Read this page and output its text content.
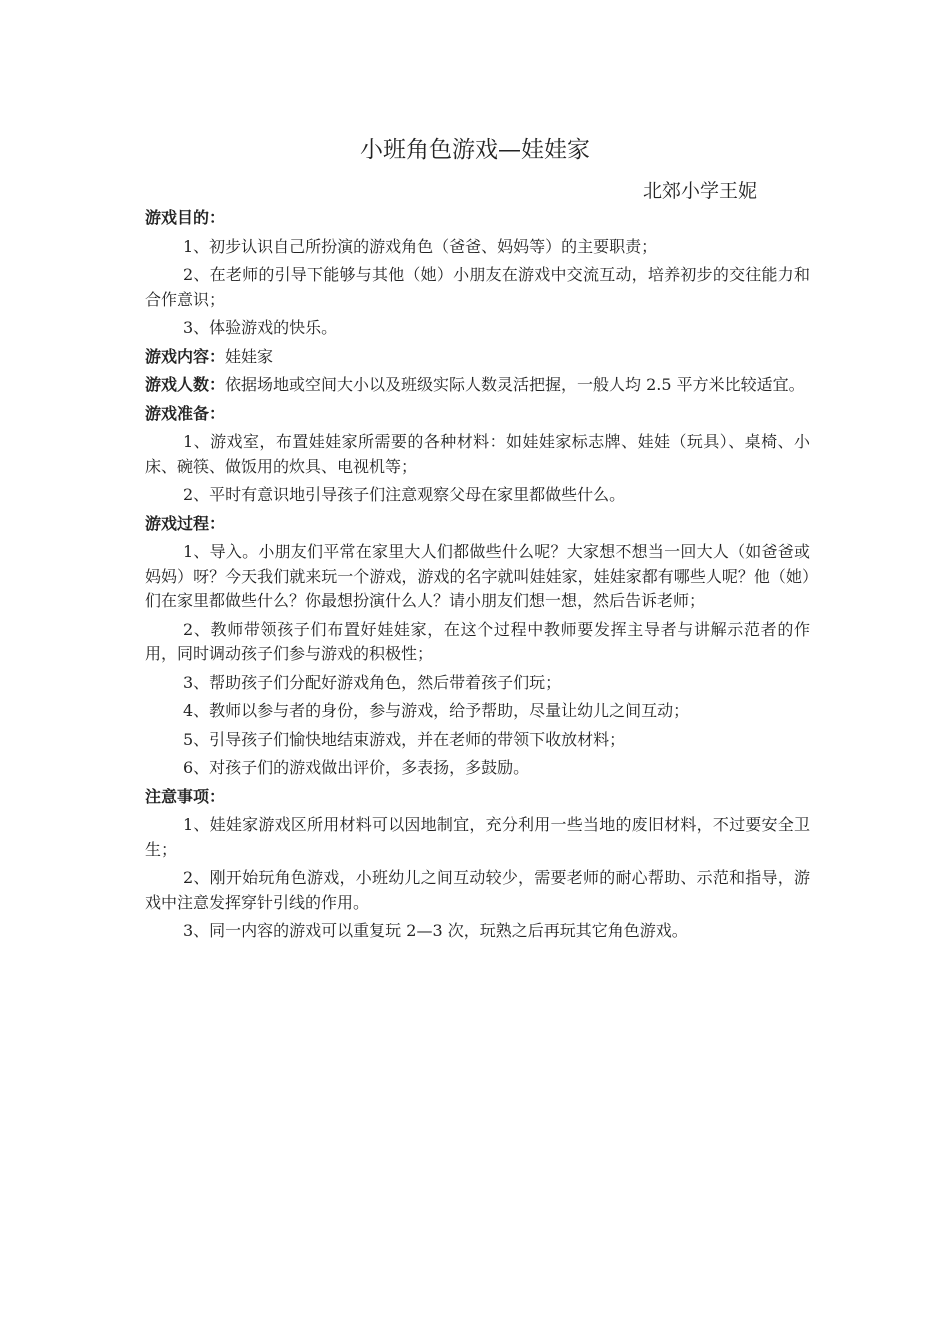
小班角色游戏—娃娃家
北郊小学王妮
游戏目的：

1、初步认识自己所扮演的游戏角色（爸爸、妈妈等）的主要职责；

2、在老师的引导下能够与其他（她）小朋友在游戏中交流互动，培养初步的交往能力和合作意识；

3、体验游戏的快乐。

游戏内容：娃娃家
游戏人数：依据场地或空间大小以及班级实际人数灵活把握，一般人均 2.5 平方米比较适宜。
游戏准备：

1、游戏室，布置娃娃家所需要的各种材料：如娃娃家标志牌、娃娃（玩具）、桌椅、小床、碗筷、做饭用的炊具、电视机等；

2、平时有意识地引导孩子们注意观察父母在家里都做些什么。

游戏过程：

1、导入。小朋友们平常在家里大人们都做些什么呢？大家想不想当一回大人（如爸爸或妈妈）呀？今天我们就来玩一个游戏，游戏的名字就叫娃娃家，娃娃家都有哪些人呢？他（她）们在家里都做些什么？你最想扮演什么人？请小朋友们想一想，然后告诉老师；

2、教师带领孩子们布置好娃娃家，在这个过程中教师要发挥主导者与讲解示范者的作用，同时调动孩子们参与游戏的积极性；

3、帮助孩子们分配好游戏角色，然后带着孩子们玩；

4、教师以参与者的身份，参与游戏，给予帮助，尽量让幼儿之间互动；

5、引导孩子们愉快地结束游戏，并在老师的带领下收放材料；

6、对孩子们的游戏做出评价，多表扬，多鼓励。

注意事项：

1、娃娃家游戏区所用材料可以因地制宜，充分利用一些当地的废旧材料，不过要安全卫生；

2、刚开始玩角色游戏，小班幼儿之间互动较少，需要老师的耐心帮助、示范和指导，游戏中注意发挥穿针引线的作用。

3、同一内容的游戏可以重复玩 2—3 次，玩熟之后再玩其它角色游戏。
